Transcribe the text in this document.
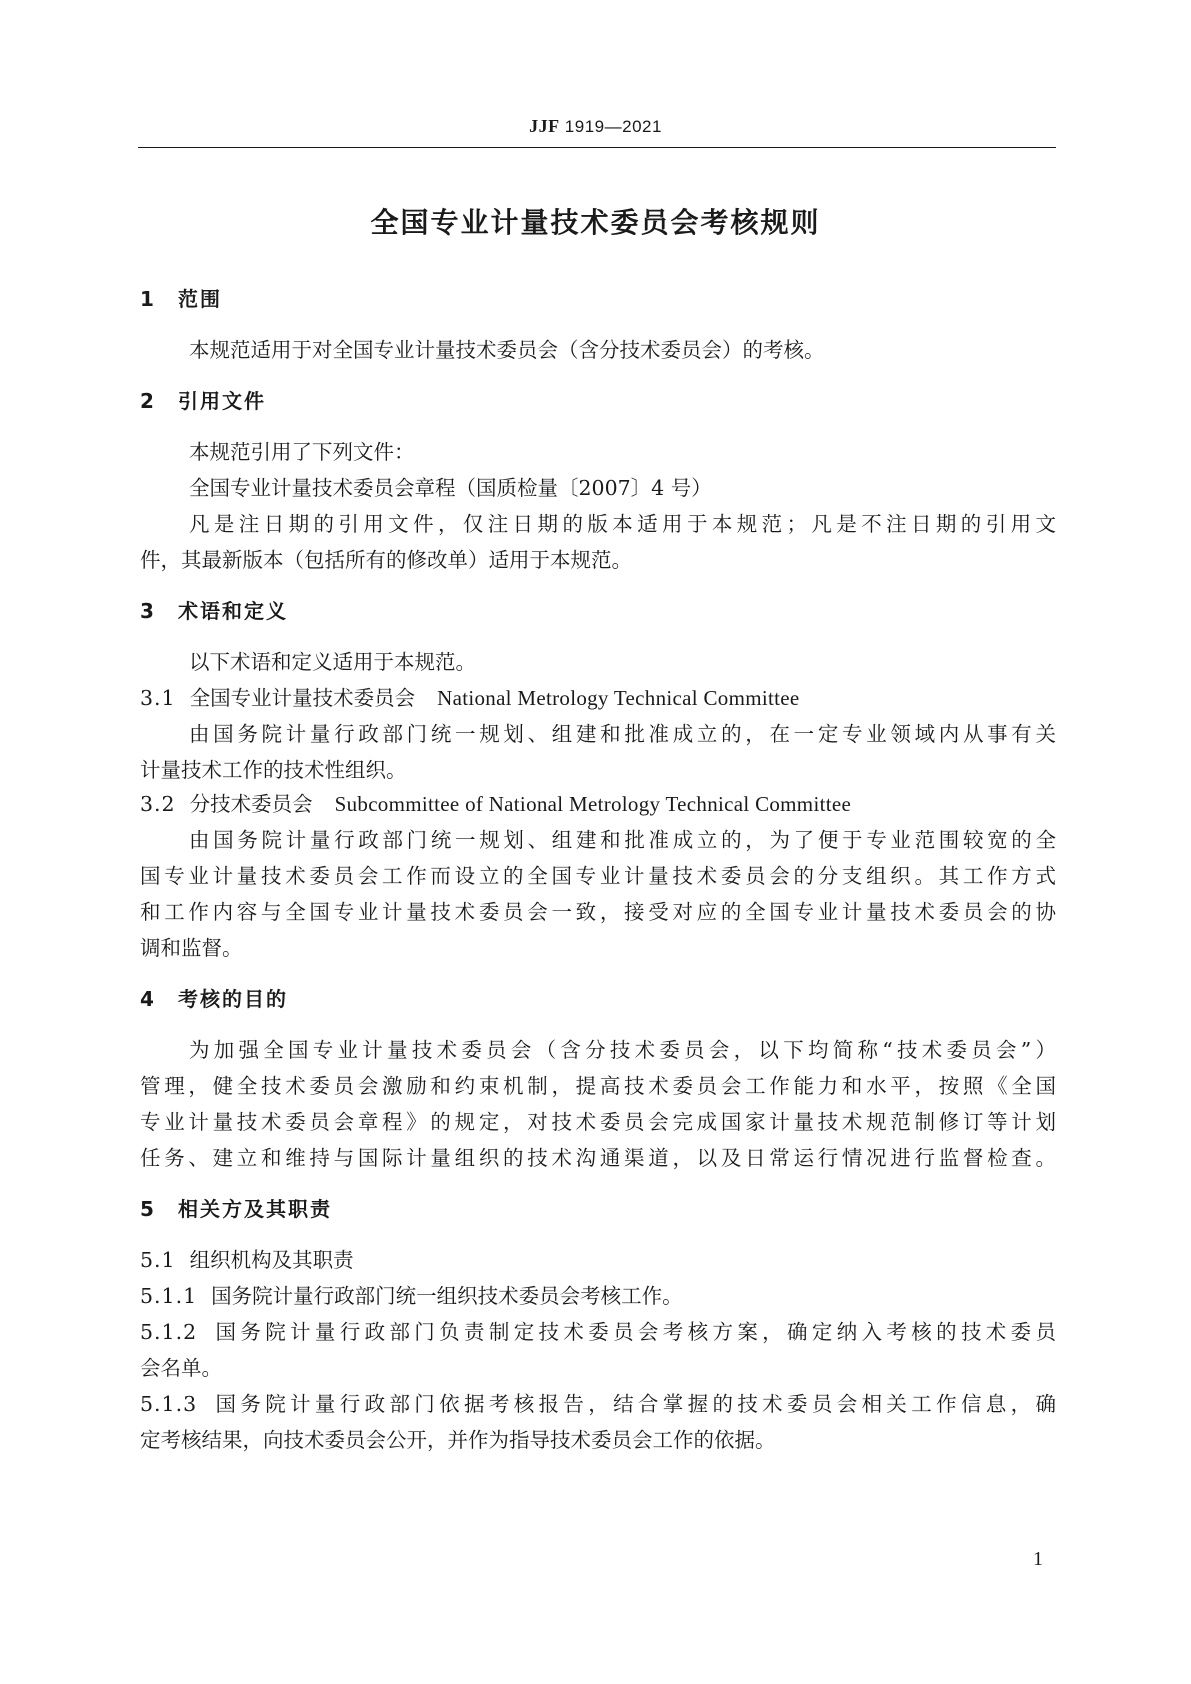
JJF 1919—2021
全国专业计量技术委员会考核规则
1 范围
本规范适用于对全国专业计量技术委员会（含分技术委员会）的考核。
2 引用文件
本规范引用了下列文件：
全国专业计量技术委员会章程（国质检量〔2007〕4 号）
凡是注日期的引用文件，仅注日期的版本适用于本规范；凡是不注日期的引用文
件，其最新版本（包括所有的修改单）适用于本规范。
3 术语和定义
以下术语和定义适用于本规范。
3.1 全国专业计量技术委员会 National Metrology Technical Committee
由国务院计量行政部门统一规划、组建和批准成立的，在一定专业领域内从事有关
计量技术工作的技术性组织。
3.2 分技术委员会 Subcommittee of National Metrology Technical Committee
由国务院计量行政部门统一规划、组建和批准成立的，为了便于专业范围较宽的全
国专业计量技术委员会工作而设立的全国专业计量技术委员会的分支组织。其工作方式
和工作内容与全国专业计量技术委员会一致，接受对应的全国专业计量技术委员会的协
调和监督。
4 考核的目的
为加强全国专业计量技术委员会（含分技术委员会，以下均简称“技术委员会”）
管理，健全技术委员会激励和约束机制，提高技术委员会工作能力和水平，按照《全国
专业计量技术委员会章程》的规定，对技术委员会完成国家计量技术规范制修订等计划
任务、建立和维持与国际计量组织的技术沟通渠道，以及日常运行情况进行监督检查。
5 相关方及其职责
5.1 组织机构及其职责
5.1.1 国务院计量行政部门统一组织技术委员会考核工作。
5.1.2 国务院计量行政部门负责制定技术委员会考核方案，确定纳入考核的技术委员
会名单。
5.1.3 国务院计量行政部门依据考核报告，结合掌握的技术委员会相关工作信息，确
定考核结果，向技术委员会公开，并作为指导技术委员会工作的依据。
1
